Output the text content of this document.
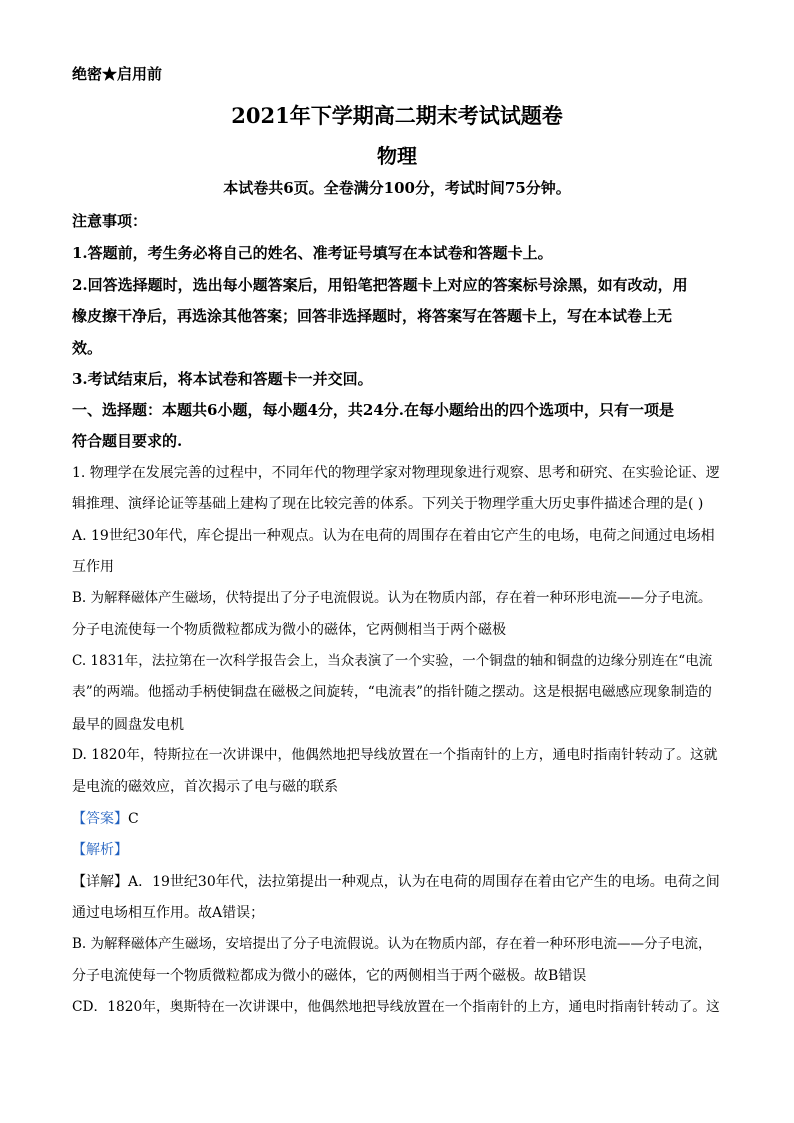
绝密★启用前
2021年下学期高二期末考试试题卷
物理
本试卷共6页。全卷满分100分，考试时间75分钟。
注意事项：
1.答题前，考生务必将自己的姓名、准考证号填写在本试卷和答题卡上。
2.回答选择题时，选出每小题答案后，用铅笔把答题卡上对应的答案标号涂黑，如有改动，用
橡皮擦干净后，再选涂其他答案；回答非选择题时，将答案写在答题卡上，写在本试卷上无
效。
3.考试结束后，将本试卷和答题卡一并交回。
一、选择题：本题共6小题，每小题4分，共24分.在每小题给出的四个选项中，只有一项是
符合题目要求的.
1. 物理学在发展完善的过程中，不同年代的物理学家对物理现象进行观察、思考和研究、在实验论证、逻
辑推理、演绎论证等基础上建构了现在比较完善的体系。下列关于物理学重大历史事件描述合理的是( )
A. 19世纪30年代，库仑提出一种观点。认为在电荷的周围存在着由它产生的电场，电荷之间通过电场相
互作用
B. 为解释磁体产生磁场，伏特提出了分子电流假说。认为在物质内部，存在着一种环形电流——分子电流。
分子电流使每一个物质微粒都成为微小的磁体，它两侧相当于两个磁极
C. 1831年，法拉第在一次科学报告会上，当众表演了一个实验，一个铜盘的轴和铜盘的边缘分别连在“电流
表”的两端。他摇动手柄使铜盘在磁极之间旋转，“电流表”的指针随之摆动。这是根据电磁感应现象制造的
最早的圆盘发电机
D. 1820年，特斯拉在一次讲课中，他偶然地把导线放置在一个指南针的上方，通电时指南针转动了。这就
是电流的磁效应，首次揭示了电与磁的联系
【答案】C
【解析】
【详解】A．19世纪30年代，法拉第提出一种观点，认为在电荷的周围存在着由它产生的电场。电荷之间
通过电场相互作用。故A错误；
B. 为解释磁体产生磁场，安培提出了分子电流假说。认为在物质内部，存在着一种环形电流——分子电流，
分子电流使每一个物质微粒都成为微小的磁体，它的两侧相当于两个磁极。故B错误
CD．1820年，奥斯特在一次讲课中，他偶然地把导线放置在一个指南针的上方，通电时指南针转动了。这
